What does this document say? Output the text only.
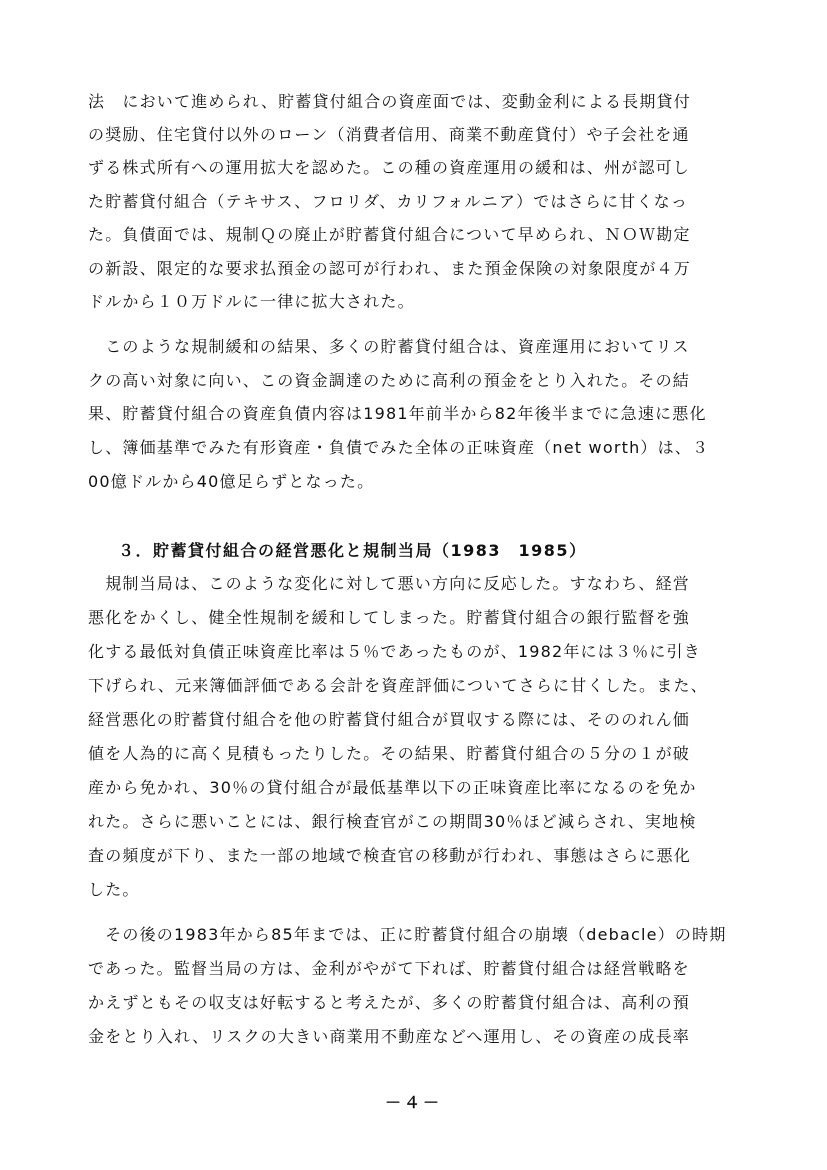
法　において進められ、貯蓄貸付組合の資産面では、変動金利による長期貸付
の奨励、住宅貸付以外のローン（消費者信用、商業不動産貸付）や子会社を通
ずる株式所有への運用拡大を認めた。この種の資産運用の緩和は、州が認可し
た貯蓄貸付組合（テキサス、フロリダ、カリフォルニア）ではさらに甘くなっ
た。負債面では、規制Ｑの廃止が貯蓄貸付組合について早められ、ＮＯＷ勘定
の新設、限定的な要求払預金の認可が行われ、また預金保険の対象限度が４万
ドルから１０万ドルに一律に拡大された。
　このような規制緩和の結果、多くの貯蓄貸付組合は、資産運用においてリス
クの高い対象に向い、この資金調達のために高利の預金をとり入れた。その結
果、貯蓄貸付組合の資産負債内容は1981年前半から82年後半までに急速に悪化
し、簿価基準でみた有形資産・負債でみた全体の正味資産（net worth）は、３
00億ドルから40億足らずとなった。
３．貯蓄貸付組合の経営悪化と規制当局（1983　1985）
　規制当局は、このような変化に対して悪い方向に反応した。すなわち、経営
悪化をかくし、健全性規制を緩和してしまった。貯蓄貸付組合の銀行監督を強
化する最低対負債正味資産比率は５％であったものが、1982年には３％に引き
下げられ、元来簿価評価である会計を資産評価についてさらに甘くした。また、
経営悪化の貯蓄貸付組合を他の貯蓄貸付組合が買収する際には、そののれん価
値を人為的に高く見積もったりした。その結果、貯蓄貸付組合の５分の１が破
産から免かれ、30％の貸付組合が最低基準以下の正味資産比率になるのを免か
れた。さらに悪いことには、銀行検査官がこの期間30％ほど減らされ、実地検
査の頻度が下り、また一部の地域で検査官の移動が行われ、事態はさらに悪化
した。
　その後の1983年から85年までは、正に貯蓄貸付組合の崩壊（debacle）の時期
であった。監督当局の方は、金利がやがて下れば、貯蓄貸付組合は経営戦略を
かえずともその収支は好転すると考えたが、多くの貯蓄貸付組合は、高利の預
金をとり入れ、リスクの大きい商業用不動産などへ運用し、その資産の成長率
－４－
